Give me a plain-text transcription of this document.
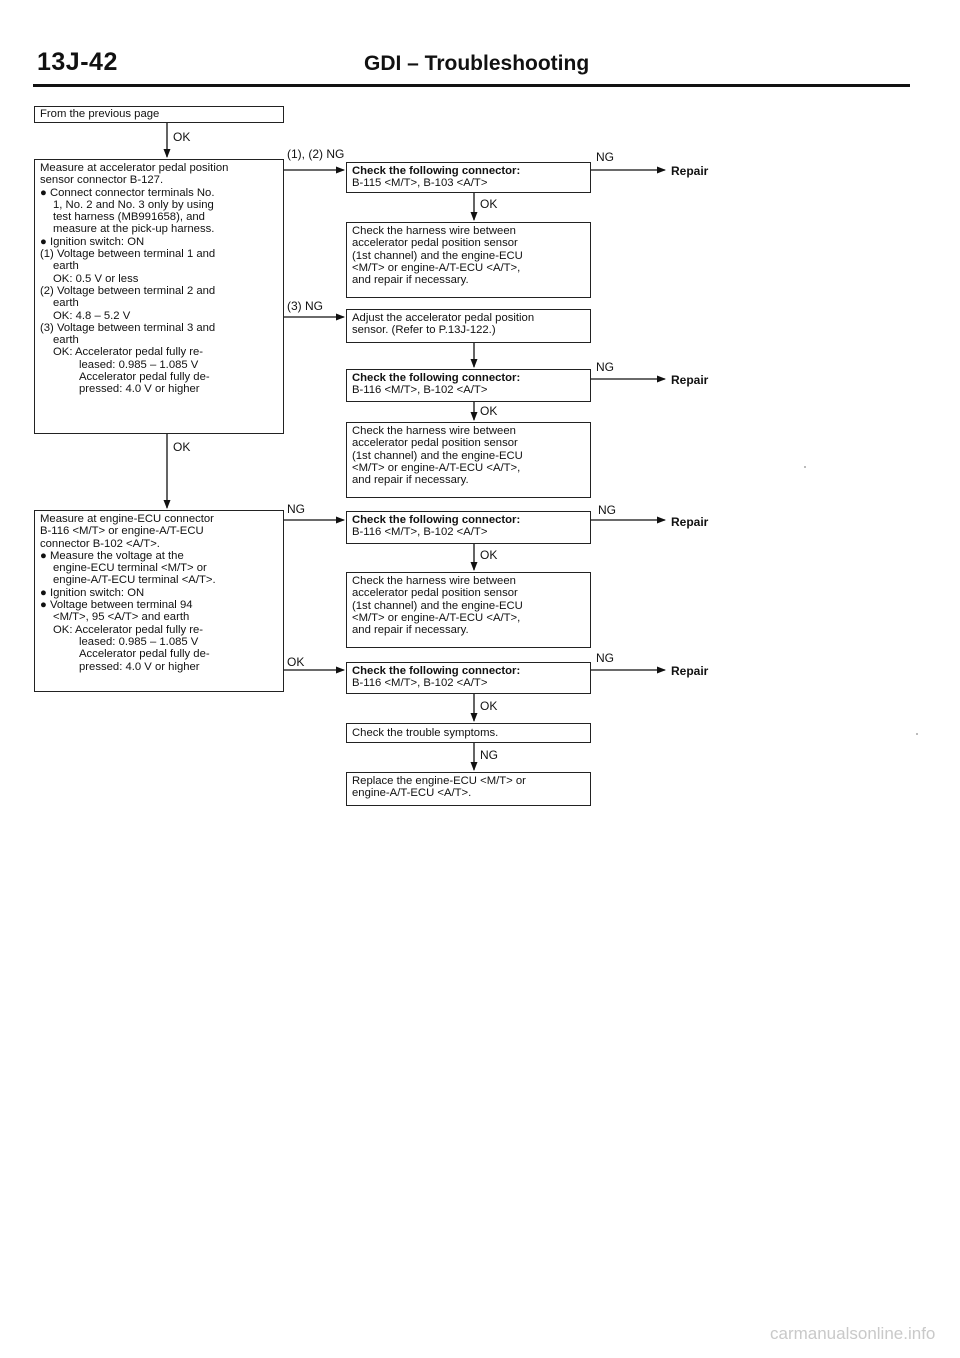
13J-42	GDI – Troubleshooting

From the previous page

Measure at accelerator pedal position

sensor connector B-127.

● Connect connector terminals No.

1, No. 2 and No. 3 only by using

test harness (MB991658), and

measure at the pick-up harness.

● Ignition switch: ON

(1) Voltage between terminal 1 and

earth

OK: 0.5 V or less

(2) Voltage between terminal 2 and

earth

OK: 4.8 – 5.2 V

(3) Voltage between terminal 3 and

earth

OK: Accelerator pedal fully re-

leased: 0.985 – 1.085 V

Accelerator pedal fully de-

pressed: 4.0 V or higher

Measure at engine-ECU connector

B-116 <M/T> or engine-A/T-ECU

connector B-102 <A/T>.

● Measure the voltage at the

engine-ECU terminal <M/T> or

engine-A/T-ECU terminal <A/T>.

● Ignition switch: ON

● Voltage between terminal 94

<M/T>, 95 <A/T> and earth

OK: Accelerator pedal fully re-

leased: 0.985 – 1.085 V

Accelerator pedal fully de-

pressed: 4.0 V or higher

Check the following connector:

B-115 <M/T>, B-103 <A/T>

Check the harness wire between

accelerator pedal position sensor

(1st channel) and the engine-ECU

<M/T> or engine-A/T-ECU <A/T>,

and repair if necessary.

Adjust the accelerator pedal position

sensor. (Refer to P.13J-122.)

Check the following connector:

B-116 <M/T>, B-102 <A/T>

Check the harness wire between

accelerator pedal position sensor

(1st channel) and the engine-ECU

<M/T> or engine-A/T-ECU <A/T>,

and repair if necessary.

Check the following connector:

B-116 <M/T>, B-102 <A/T>

Check the harness wire between

accelerator pedal position sensor

(1st channel) and the engine-ECU

<M/T> or engine-A/T-ECU <A/T>,

and repair if necessary.

Check the following connector:

B-116 <M/T>, B-102 <A/T>

Check the trouble symptoms.

Replace the engine-ECU <M/T> or

engine-A/T-ECU <A/T>.

OK
(1), (2) NG
(3) NG
OK
OK
NG
NG
OK
NG	NG
OK
OK	NG
OK
NG
Repair
Repair
Repair
Repair
carmanualsonline.info
